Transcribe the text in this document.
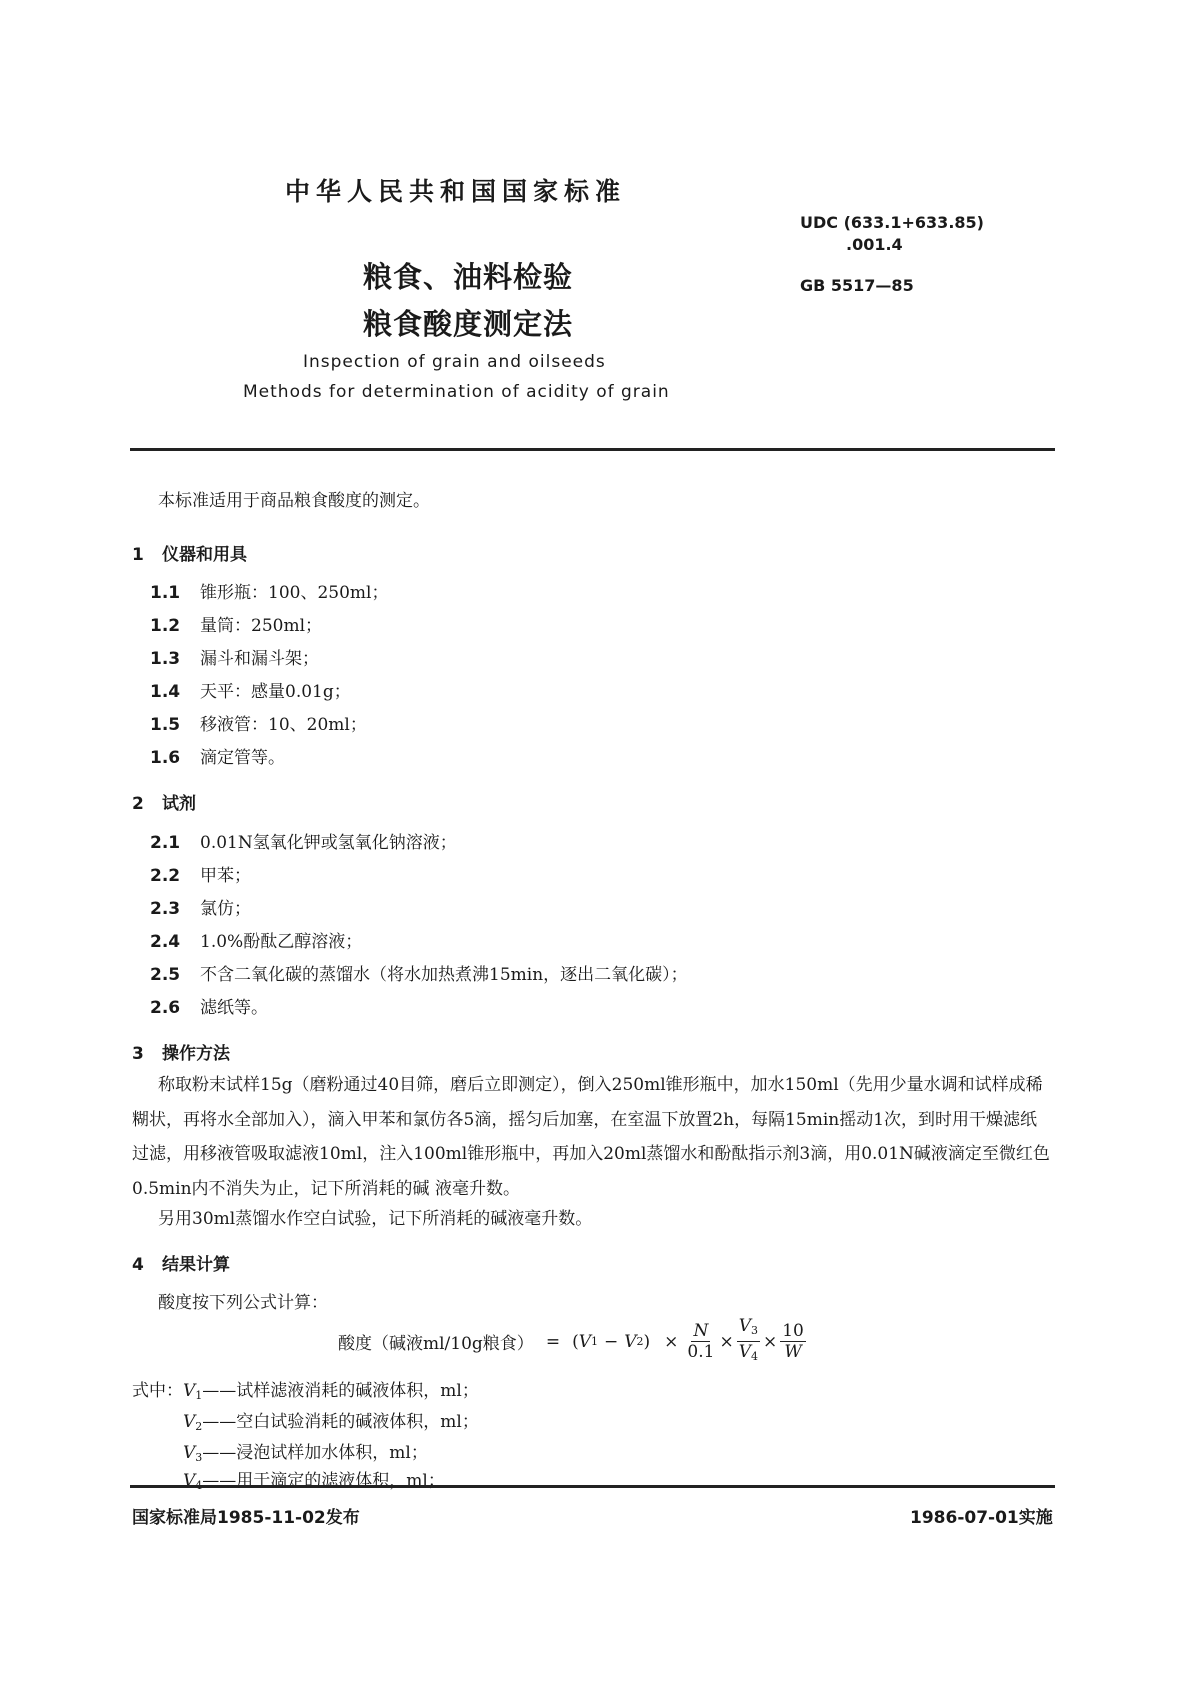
中华人民共和国国家标准
UDC (633.1+633.85)
.001.4
GB 5517—85
粮食、油料检验
粮食酸度测定法
Inspection of grain and oilseeds
Methods for determination of acidity of grain
本标准适用于商品粮食酸度的测定。
1 仪器和用具
1.1 锥形瓶：100、250ml；
1.2 量筒：250ml；
1.3 漏斗和漏斗架；
1.4 天平：感量0.01g；
1.5 移液管：10、20ml；
1.6 滴定管等。
2 试剂
2.1 0.01N氢氧化钾或氢氧化钠溶液；
2.2 甲苯；
2.3 氯仿；
2.4 1.0%酚酞乙醇溶液；
2.5 不含二氧化碳的蒸馏水（将水加热煮沸15min，逐出二氧化碳）；
2.6 滤纸等。
3 操作方法
称取粉末试样15g（磨粉通过40目筛，磨后立即测定），倒入250ml锥形瓶中，加水150ml（先用少量水调和试样成稀糊状，再将水全部加入），滴入甲苯和氯仿各5滴，摇匀后加塞，在室温下放置2h，每隔15min摇动1次，到时用干燥滤纸过滤，用移液管吸取滤液10ml，注入100ml锥形瓶中，再加入20ml蒸馏水和酚酞指示剂3滴，用0.01N碱液滴定至微红色0.5min内不消失为止，记下所消耗的碱 液毫升数。
另用30ml蒸馏水作空白试验，记下所消耗的碱液毫升数。
4 结果计算
酸度按下列公式计算：
酸度（碱液ml/10g粮食） = ( V 1 − V 2 ) × $\frac{N}{0.1} \times \frac{V_3}{V_4} \times \frac{10}{W}$
式中：$V_1——$试样滤液消耗的碱液体积，ml；
$V_2——$空白试验消耗的碱液体积，ml；
$V_3——$浸泡试样加水体积，ml；
$V_4——$用于滴定的滤液体积，ml；
国家标准局1985-11-02发布	1986-07-01实施
